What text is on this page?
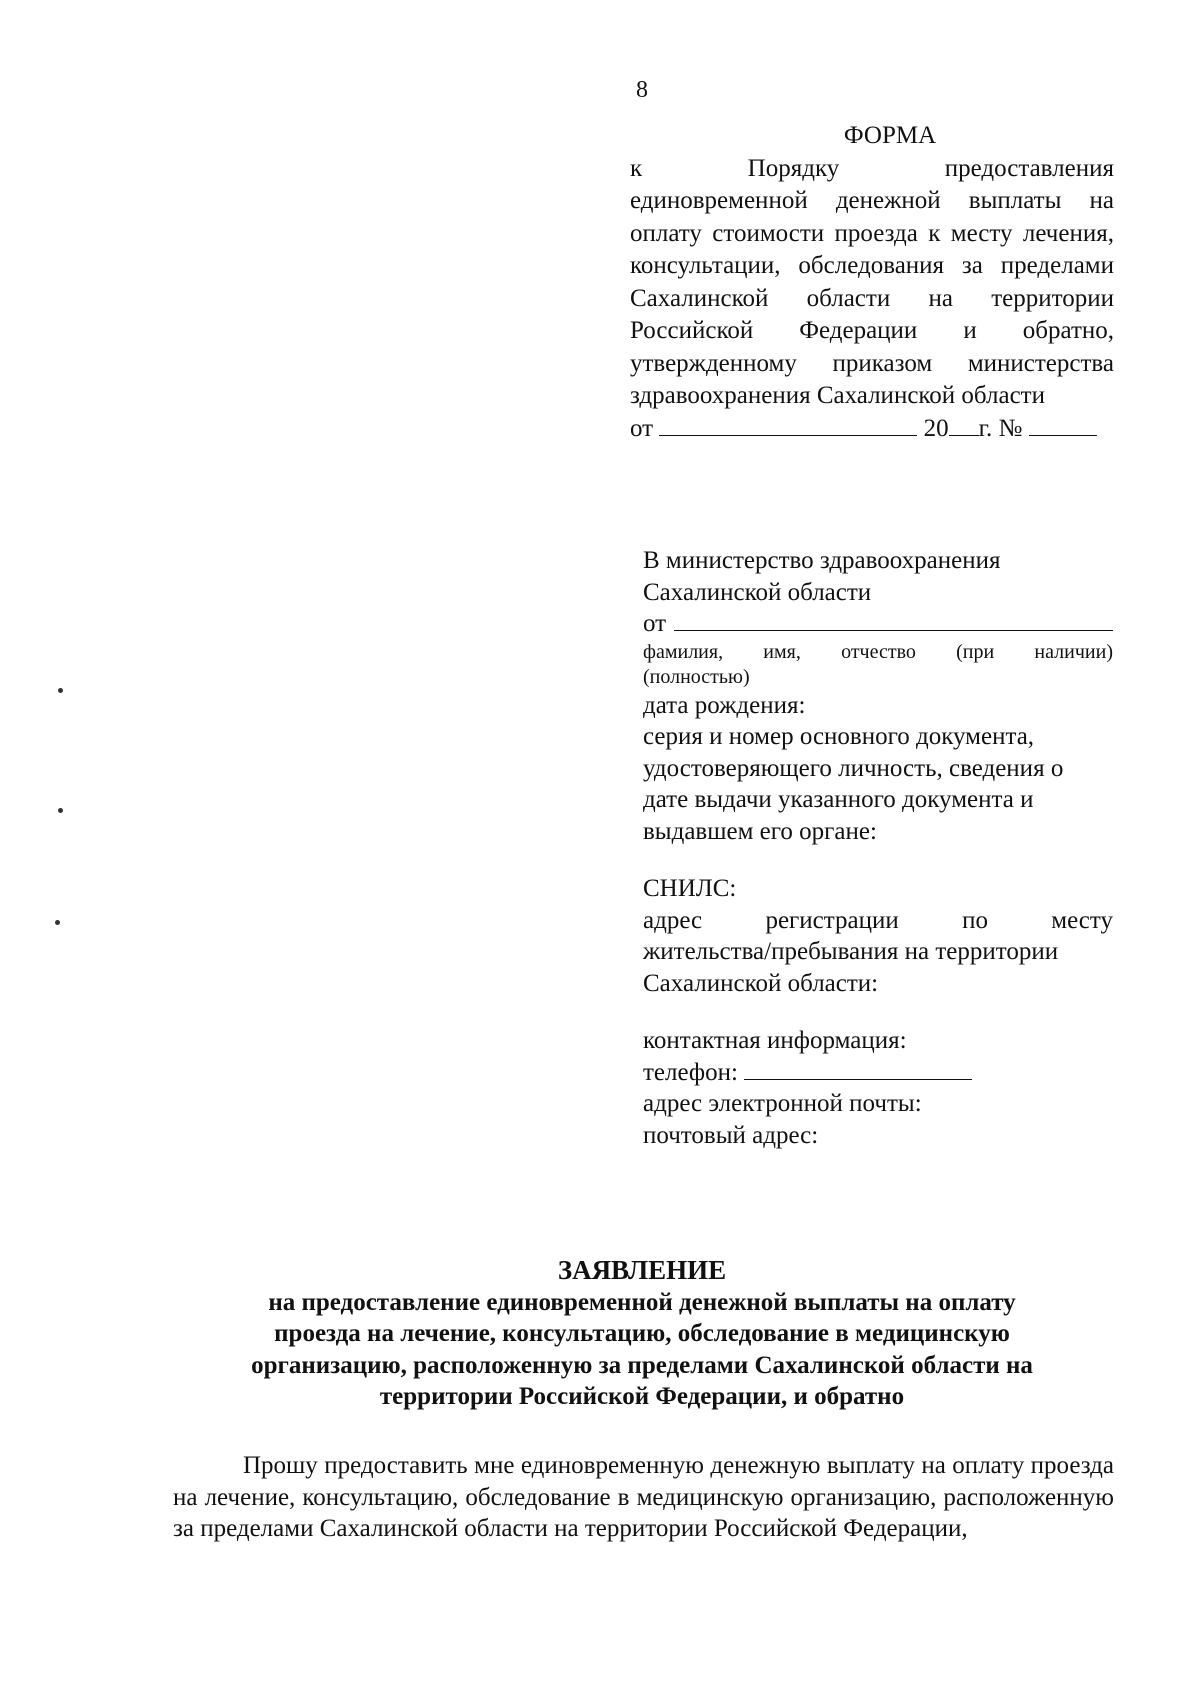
8
ФОРМА
к	Порядку	предоставления
единовременной денежной выплаты на оплату стоимости проезда к месту лечения, консультации, обследования за пределами Сахалинской области на территории Российской Федерации и обратно, утвержденному приказом министерства здравоохранения Сахалинской области
от	20 г. №
В министерство здравоохранения
Сахалинской области
от
фамилия, имя, отчество (при наличии)
(полностью)
дата рождения:
серия и номер основного документа, удостоверяющего личность, сведения о дате выдачи указанного документа и выдавшем его органе:
СНИЛС:
адрес регистрации по месту
жительства/пребывания на территории
Сахалинской области:
контактная информация:
телефон:
адрес электронной почты:
почтовый адрес:
ЗАЯВЛЕНИЕ
на предоставление единовременной денежной выплаты на оплату
проезда на лечение, консультацию, обследование в медицинскую
организацию, расположенную за пределами Сахалинской области на
территории Российской Федерации, и обратно
Прошу предоставить мне единовременную денежную выплату на оплату проезда на лечение, консультацию, обследование в медицинскую организацию, расположенную за пределами Сахалинской области на территории Российской Федерации,
